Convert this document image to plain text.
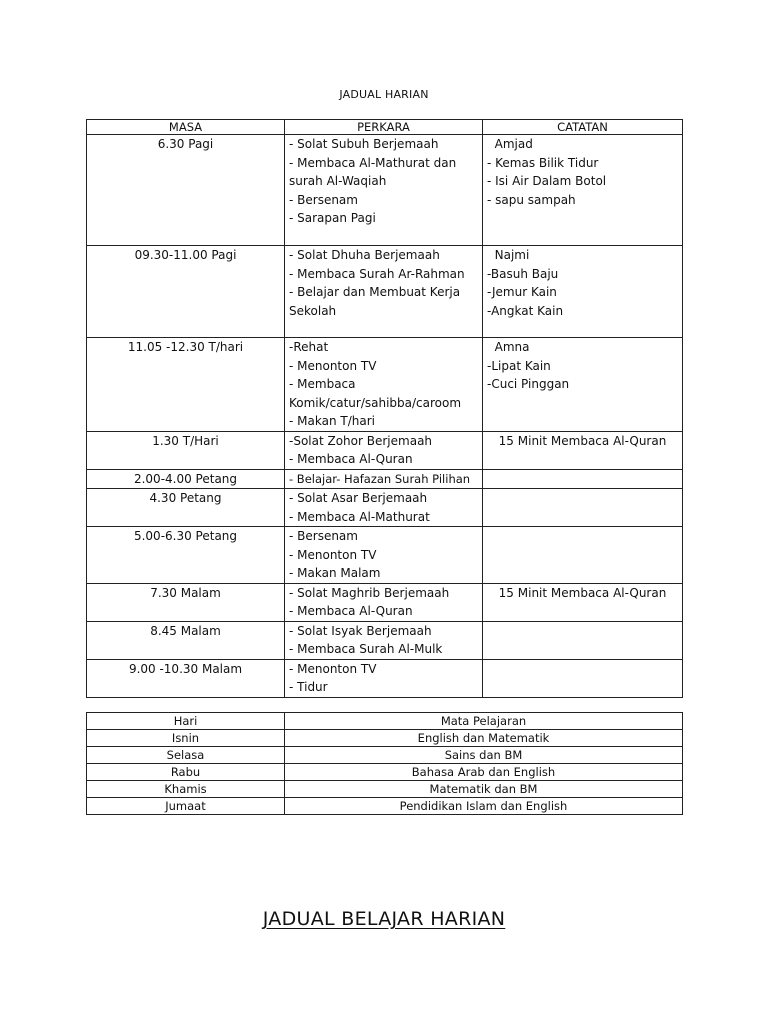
JADUAL HARIAN
MASA	PERKARA	CATATAN
6.30 Pagi	- Solat Subuh Berjemaah
- Membaca Al-Mathurat dan
surah Al-Waqiah
- Bersenam
- Sarapan Pagi	Amjad
- Kemas Bilik Tidur
- Isi Air Dalam Botol
- sapu sampah

09.30-11.00 Pagi	- Solat Dhuha Berjemaah
- Membaca Surah Ar-Rahman
- Belajar dan Membuat Kerja
Sekolah	Najmi
-Basuh Baju
-Jemur Kain
-Angkat Kain

11.05 -12.30 T/hari	-Rehat
- Menonton TV
- Membaca
Komik/catur/sahibba/caroom
- Makan T/hari	Amna
-Lipat Kain
-Cuci Pinggan

1.30 T/Hari	-Solat Zohor Berjemaah
- Membaca Al-Quran	15 Minit Membaca Al-Quran

2.00-4.00 Petang	- Belajar- Hafazan Surah Pilihan	

4.30 Petang	- Solat Asar Berjemaah
- Membaca Al-Mathurat	

5.00-6.30 Petang	- Bersenam
- Menonton TV
- Makan Malam	

7.30 Malam	- Solat Maghrib Berjemaah
- Membaca Al-Quran	15 Minit Membaca Al-Quran

8.45 Malam	- Solat Isyak Berjemaah
- Membaca Surah Al-Mulk	

9.00 -10.30 Malam	- Menonton TV
- Tidur	

Hari	Mata Pelajaran
Isnin	English dan Matematik
Selasa	Sains dan BM
Rabu	Bahasa Arab dan English
Khamis	Matematik dan BM
Jumaat	Pendidikan Islam dan English
JADUAL BELAJAR HARIAN
